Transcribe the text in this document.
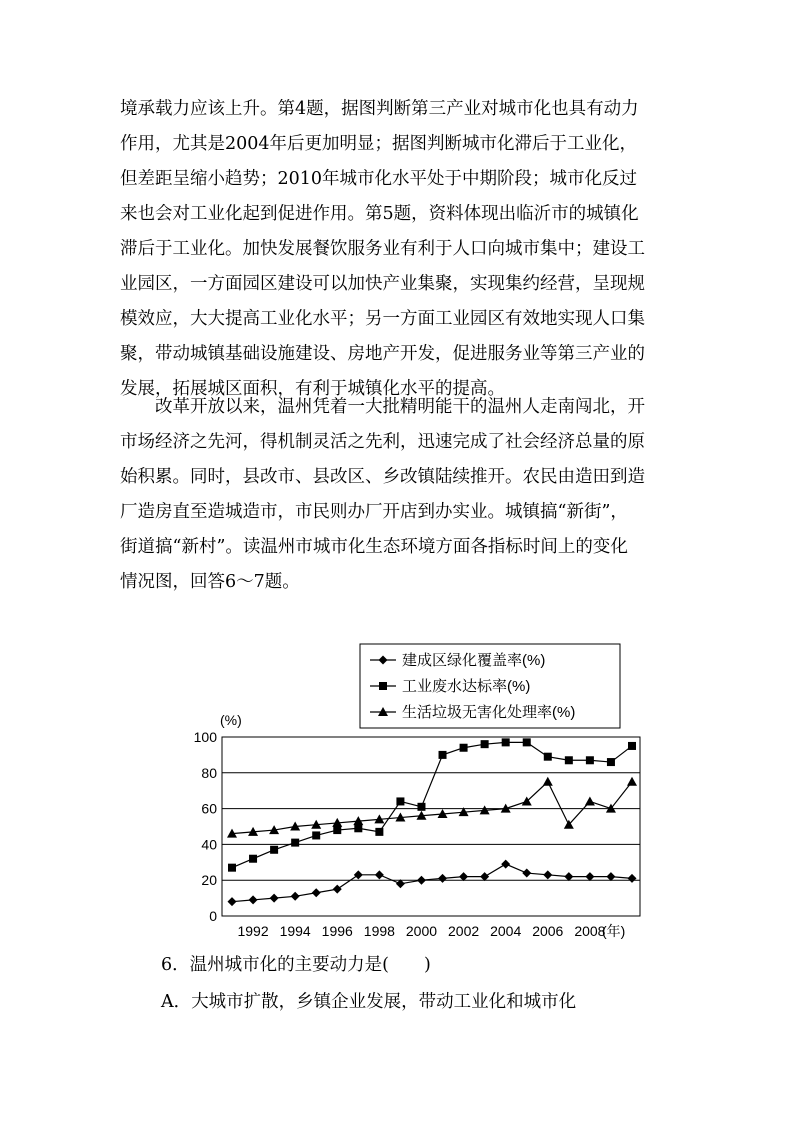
境承载力应该上升。第4题，据图判断第三产业对城市化也具有动力
作用，尤其是2004年后更加明显；据图判断城市化滞后于工业化，
但差距呈缩小趋势；2010年城市化水平处于中期阶段；城市化反过
来也会对工业化起到促进作用。第5题，资料体现出临沂市的城镇化
滞后于工业化。加快发展餐饮服务业有利于人口向城市集中；建设工
业园区，一方面园区建设可以加快产业集聚，实现集约经营，呈现规
模效应，大大提高工业化水平；另一方面工业园区有效地实现人口集
聚，带动城镇基础设施建设、房地产开发，促进服务业等第三产业的
发展，拓展城区面积，有利于城镇化水平的提高。
　　改革开放以来，温州凭着一大批精明能干的温州人走南闯北，开
市场经济之先河，得机制灵活之先利，迅速完成了社会经济总量的原
始积累。同时，县改市、县改区、乡改镇陆续推开。农民由造田到造
厂造房直至造城造市，市民则办厂开店到办实业。城镇搞“新街”，
街道搞“新村”。读温州市城市化生态环境方面各指标时间上的变化
情况图，回答6～7题。
0
20
40
60
80
100
(%)
1992 1994 1996 1998 2000 2002 2004 2006 2008
(年)
建成区绿化覆盖率(%)
工业废水达标率(%)
生活垃圾无害化处理率(%)

6．温州城市化的主要动力是(　　)

A．大城市扩散，乡镇企业发展，带动工业化和城市化
